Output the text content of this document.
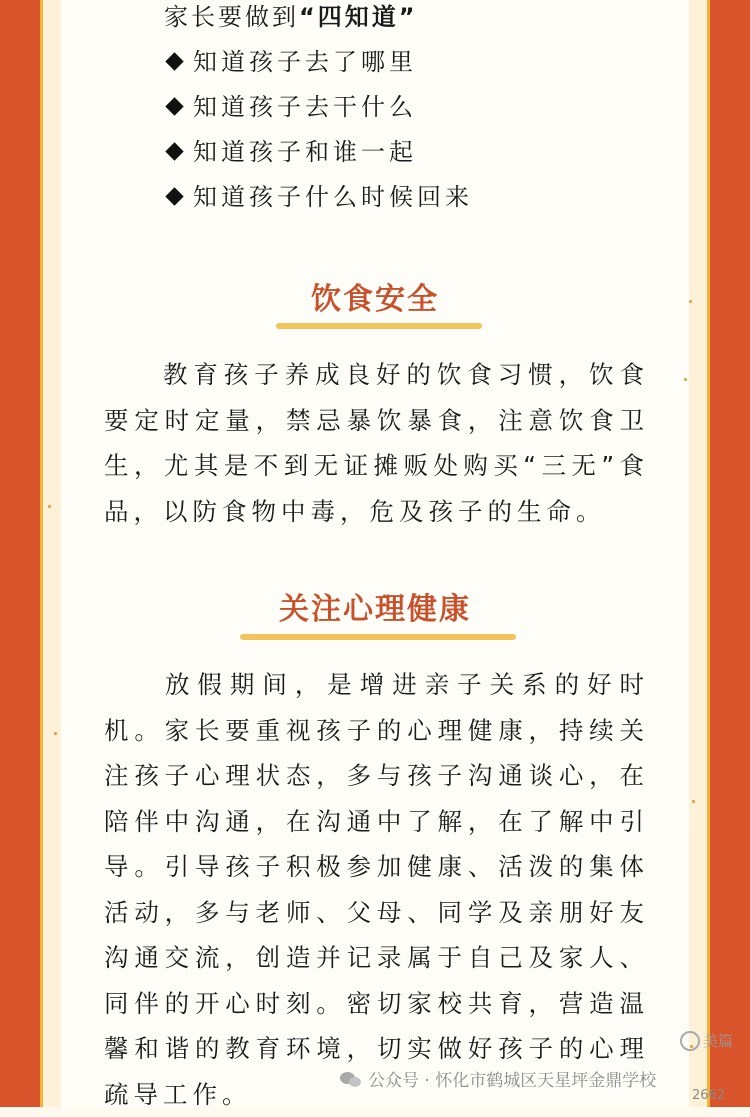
家长要做到“四知道”
知道孩子去了哪里
知道孩子去干什么
知道孩子和谁一起
知道孩子什么时候回来
饮食安全

教育孩子养成良好的饮食习惯，饮食要定时定量，禁忌暴饮暴食，注意饮食卫生，尤其是不到无证摊贩处购买“三无”食品，以防食物中毒，危及孩子的生命。

关注心理健康

放假期间，是增进亲子关系的好时机。家长要重视孩子的心理健康，持续关注孩子心理状态，多与孩子沟通谈心，在陪伴中沟通，在沟通中了解，在了解中引导。引导孩子积极参加健康、活泼的集体活动，多与老师、父母、同学及亲朋好友沟通交流，创造并记录属于自己及家人、同伴的开心时刻。密切家校共育，营造温馨和谐的教育环境，切实做好孩子的心理疏导工作。

美篇
公众号 · 怀化市鹤城区天星坪金鼎学校
2662
